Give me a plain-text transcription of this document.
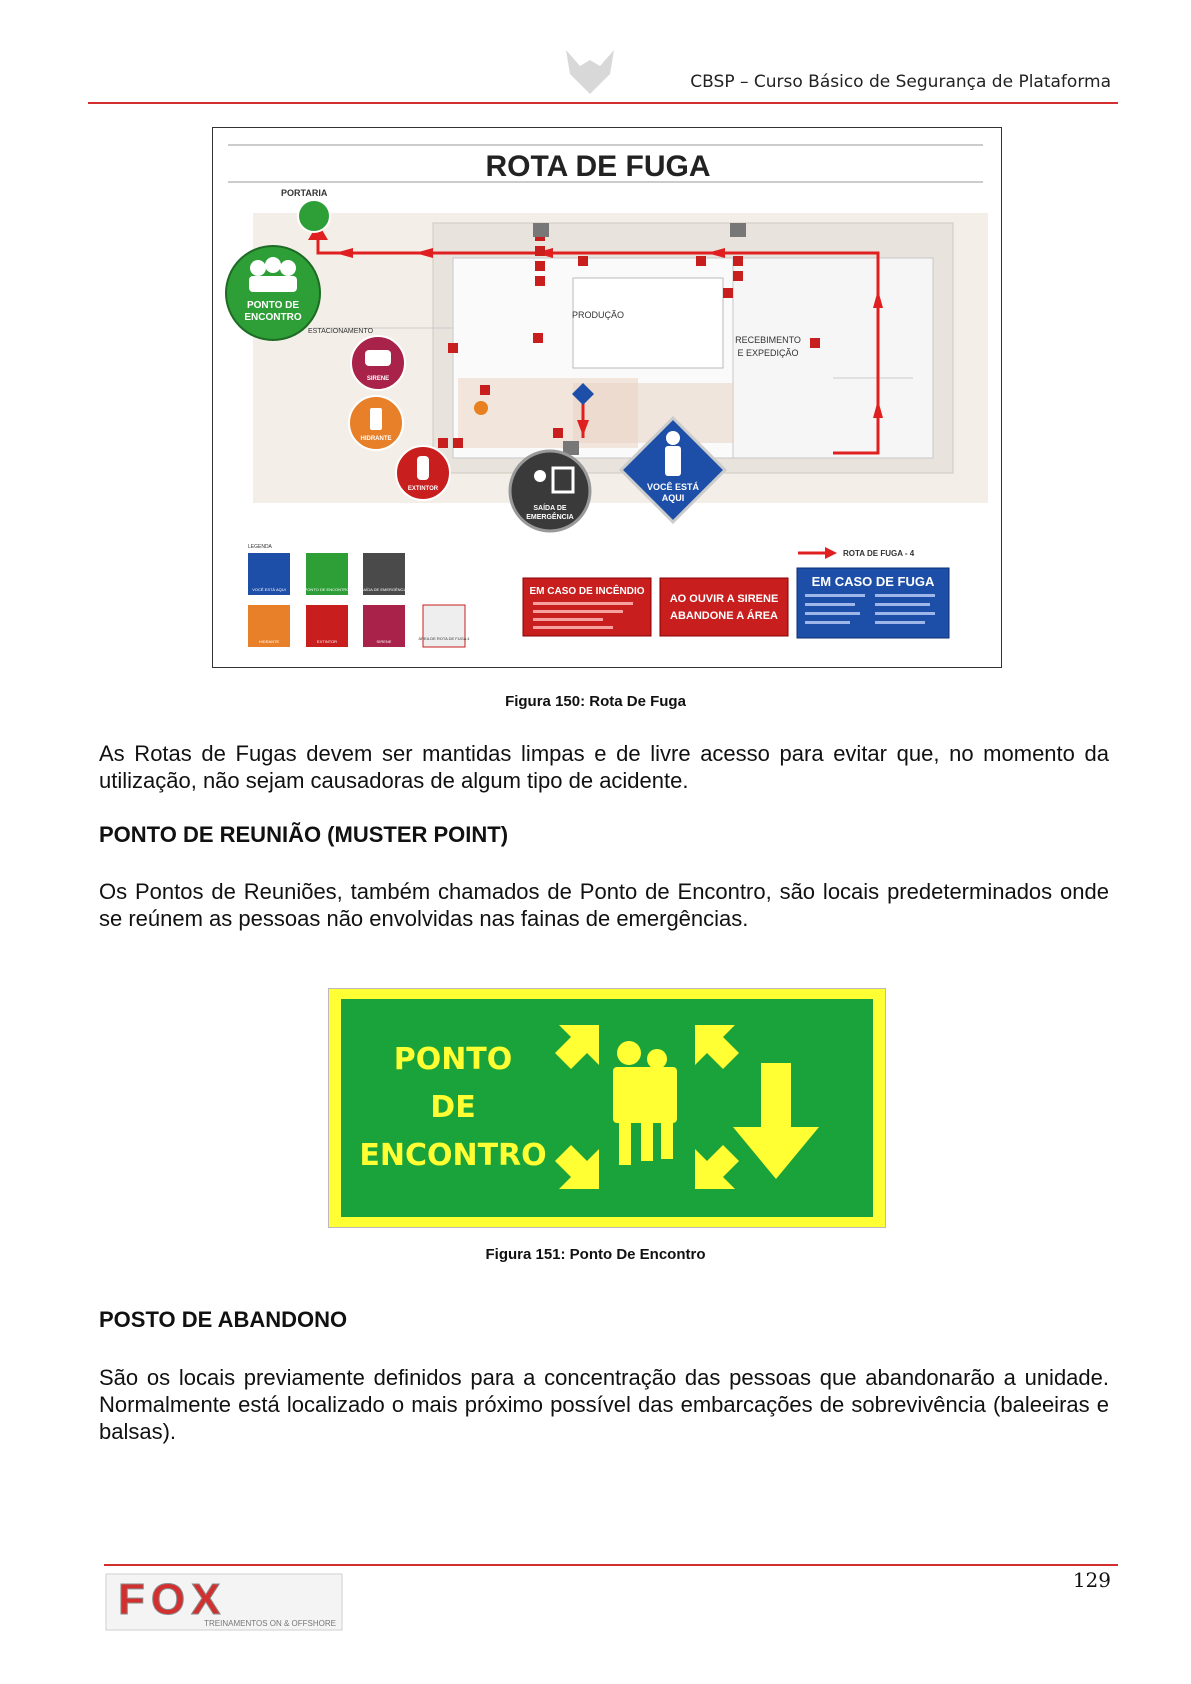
CBSP – Curso Básico de Segurança de Plataforma
ROTA DE FUGA
PORTARIA
ESTACIONAMENTO
PRODUÇÃO
RECEBIMENTO
E EXPEDIÇÃO
PONTO DE
ENCONTRO
SIRENE
HIDRANTE
EXTINTOR
SAÍDA DE
EMERGÊNCIA
VOCÊ ESTÁ
AQUI
ROTA DE FUGA - 4
LEGENDA
VOCÊ ESTÁ AQUI	PONTO DE ENCONTRO	SAÍDA DE EMERGÊNCIA
HIDRANTE	EXTINTOR	SIRENE
ÁREA DE ROTA DE FUGA 4
EM CASO DE INCÊNDIO
AO OUVIR A SIRENE
ABANDONE A ÁREA
EM CASO DE FUGA
Figura 150: Rota De Fuga

As Rotas de Fugas devem ser mantidas limpas e de livre acesso para evitar que, no momento da utilização, não sejam causadoras de algum tipo de acidente.

PONTO DE REUNIÃO (MUSTER POINT)

Os Pontos de Reuniões, também chamados de Ponto de Encontro, são locais predeterminados onde se reúnem as pessoas não envolvidas nas fainas de emergências.

PONTO
DE
ENCONTRO
Figura 151: Ponto De Encontro
POSTO DE ABANDONO

São os locais previamente definidos para a concentração das pessoas que abandonarão a unidade. Normalmente está localizado o mais próximo possível das embarcações de sobrevivência (baleeiras e balsas).

FOX
TREINAMENTOS ON & OFFSHORE
129
